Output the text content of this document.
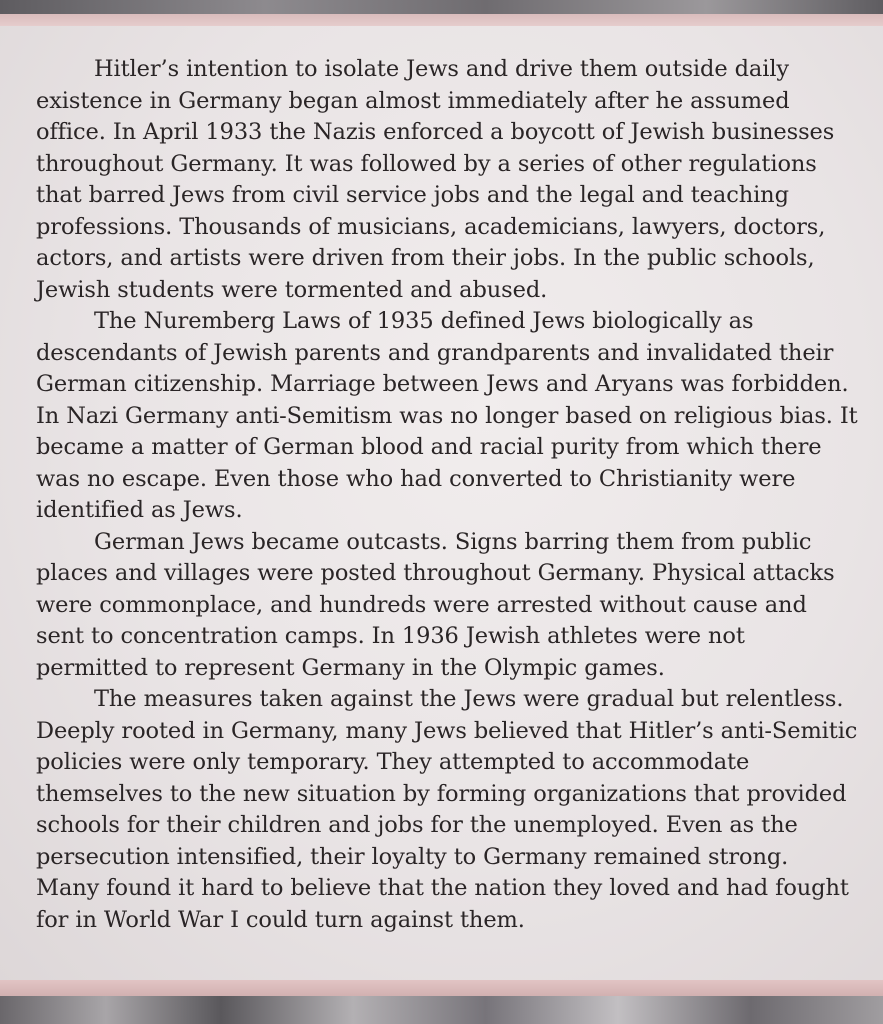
Hitler’s intention to isolate Jews and drive them outside daily existence in Germany began almost immediately after he assumed office. In April 1933 the Nazis enforced a boycott of Jewish businesses throughout Germany. It was followed by a series of other regulations that barred Jews from civil service jobs and the legal and teaching professions. Thousands of musicians, academicians, lawyers, doctors, actors, and artists were driven from their jobs. In the public schools, Jewish students were tormented and abused.

The Nuremberg Laws of 1935 defined Jews biologically as descendants of Jewish parents and grandparents and invalidated their German citizenship. Marriage between Jews and Aryans was forbidden. In Nazi Germany anti-Semitism was no longer based on religious bias. It became a matter of German blood and racial purity from which there was no escape. Even those who had converted to Christianity were identified as Jews.

German Jews became outcasts. Signs barring them from public places and villages were posted throughout Germany. Physical attacks were commonplace, and hundreds were arrested without cause and sent to concentration camps. In 1936 Jewish athletes were not permitted to represent Germany in the Olympic games.

The measures taken against the Jews were gradual but relentless. Deeply rooted in Germany, many Jews believed that Hitler’s anti-Semitic policies were only temporary. They attempted to accommodate themselves to the new situation by forming organizations that provided schools for their children and jobs for the unemployed. Even as the persecution intensified, their loyalty to Germany remained strong. Many found it hard to believe that the nation they loved and had fought for in World War I could turn against them.
